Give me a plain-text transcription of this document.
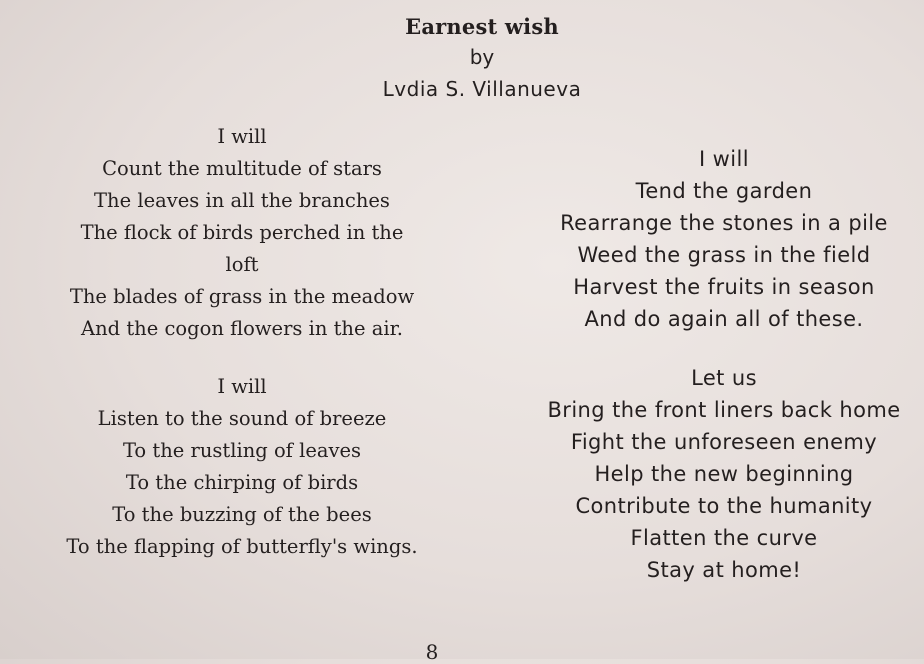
Earnest wish
by
Lvdia S. Villanueva
I will
Count the multitude of stars
The leaves in all the branches
The flock of birds perched in the
loft
The blades of grass in the meadow
And the cogon flowers in the air.
I will
Listen to the sound of breeze
To the rustling of leaves
To the chirping of birds
To the buzzing of the bees
To the flapping of butterfly's wings.
I will
Tend the garden
Rearrange the stones in a pile
Weed the grass in the field
Harvest the fruits in season
And do again all of these.
Let us
Bring the front liners back home
Fight the unforeseen enemy
Help the new beginning
Contribute to the humanity
Flatten the curve
Stay at home!
8
